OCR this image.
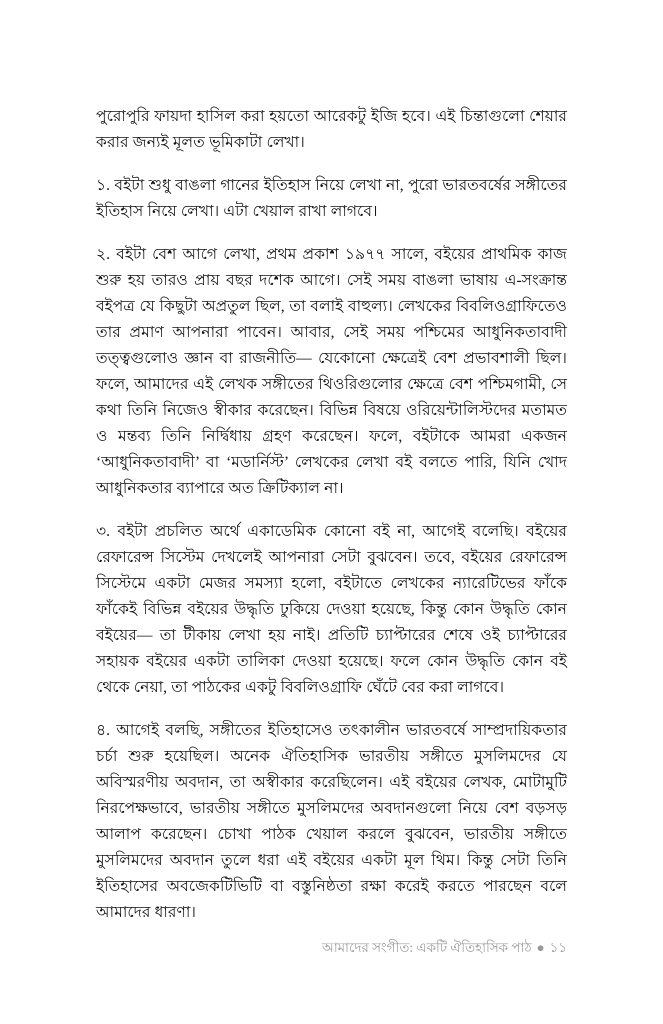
পুরোপুরি ফায়দা হাসিল করা হয়তো আরেকটু ইজি হবে। এই চিন্তাগুলো শেয়ার করার জন্যই মূলত ভূমিকাটা লেখা।

১. বইটা শুধু বাঙলা গানের ইতিহাস নিয়ে লেখা না, পুরো ভারতবর্ষের সঙ্গীতের ইতিহাস নিয়ে লেখা। এটা খেয়াল রাখা লাগবে।

২. বইটা বেশ আগে লেখা, প্রথম প্রকাশ ১৯৭৭ সালে, বইয়ের প্রাথমিক কাজ শুরু হয় তারও প্রায় বছর দশেক আগে। সেই সময় বাঙলা ভাষায় এ-সংক্রান্ত বইপত্র যে কিছুটা অপ্রতুল ছিল, তা বলাই বাহুল্য। লেখকের বিবলিওগ্রাফিতেও তার প্রমাণ আপনারা পাবেন। আবার, সেই সময় পশ্চিমের আধুনিকতাবাদী তত্ত্বগুলোও জ্ঞান বা রাজনীতি— যেকোনো ক্ষেত্রেই বেশ প্রভাবশালী ছিল। ফলে, আমাদের এই লেখক সঙ্গীতের থিওরিগুলোর ক্ষেত্রে বেশ পশ্চিমগামী, সে কথা তিনি নিজেও স্বীকার করেছেন। বিভিন্ন বিষয়ে ওরিয়েন্টালিস্টদের মতামত ও মন্তব্য তিনি নির্দ্বিধায় গ্রহণ করেছেন। ফলে, বইটাকে আমরা একজন ‘আধুনিকতাবাদী’ বা ‘মডার্নিস্ট’ লেখকের লেখা বই বলতে পারি, যিনি খোদ আধুনিকতার ব্যাপারে অত ক্রিটিক্যাল না।

৩. বইটা প্রচলিত অর্থে একাডেমিক কোনো বই না, আগেই বলেছি। বইয়ের রেফারেন্স সিস্টেম দেখলেই আপনারা সেটা বুঝবেন। তবে, বইয়ের রেফারেন্স সিস্টেমে একটা মেজর সমস্যা হলো, বইটাতে লেখকের ন্যারেটিভের ফাঁকে ফাঁকেই বিভিন্ন বইয়ের উদ্ধৃতি ঢুকিয়ে দেওয়া হয়েছে, কিন্তু কোন উদ্ধৃতি কোন বইয়ের— তা টীকায় লেখা হয় নাই। প্রতিটি চ্যাপ্টারের শেষে ওই চ্যাপ্টারের সহায়ক বইয়ের একটা তালিকা দেওয়া হয়েছে। ফলে কোন উদ্ধৃতি কোন বই থেকে নেয়া, তা পাঠকের একটু বিবলিওগ্রাফি ঘেঁটে বের করা লাগবে।

৪. আগেই বলছি, সঙ্গীতের ইতিহাসেও তৎকালীন ভারতবর্ষে সাম্প্রদায়িকতার চর্চা শুরু হয়েছিল। অনেক ঐতিহাসিক ভারতীয় সঙ্গীতে মুসলিমদের যে অবিস্মরণীয় অবদান, তা অস্বীকার করেছিলেন। এই বইয়ের লেখক, মোটামুটি নিরপেক্ষভাবে, ভারতীয় সঙ্গীতে মুসলিমদের অবদানগুলো নিয়ে বেশ বড়সড় আলাপ করেছেন। চোখা পাঠক খেয়াল করলে বুঝবেন, ভারতীয় সঙ্গীতে মুসলিমদের অবদান তুলে ধরা এই বইয়ের একটা মূল থিম। কিন্তু সেটা তিনি ইতিহাসের অবজেকটিভিটি বা বস্তুনিষ্ঠতা রক্ষা করেই করতে পারছেন বলে আমাদের ধারণা।

আমাদের সংগীত: একটি ঐতিহাসিক পাঠ ● ১১
